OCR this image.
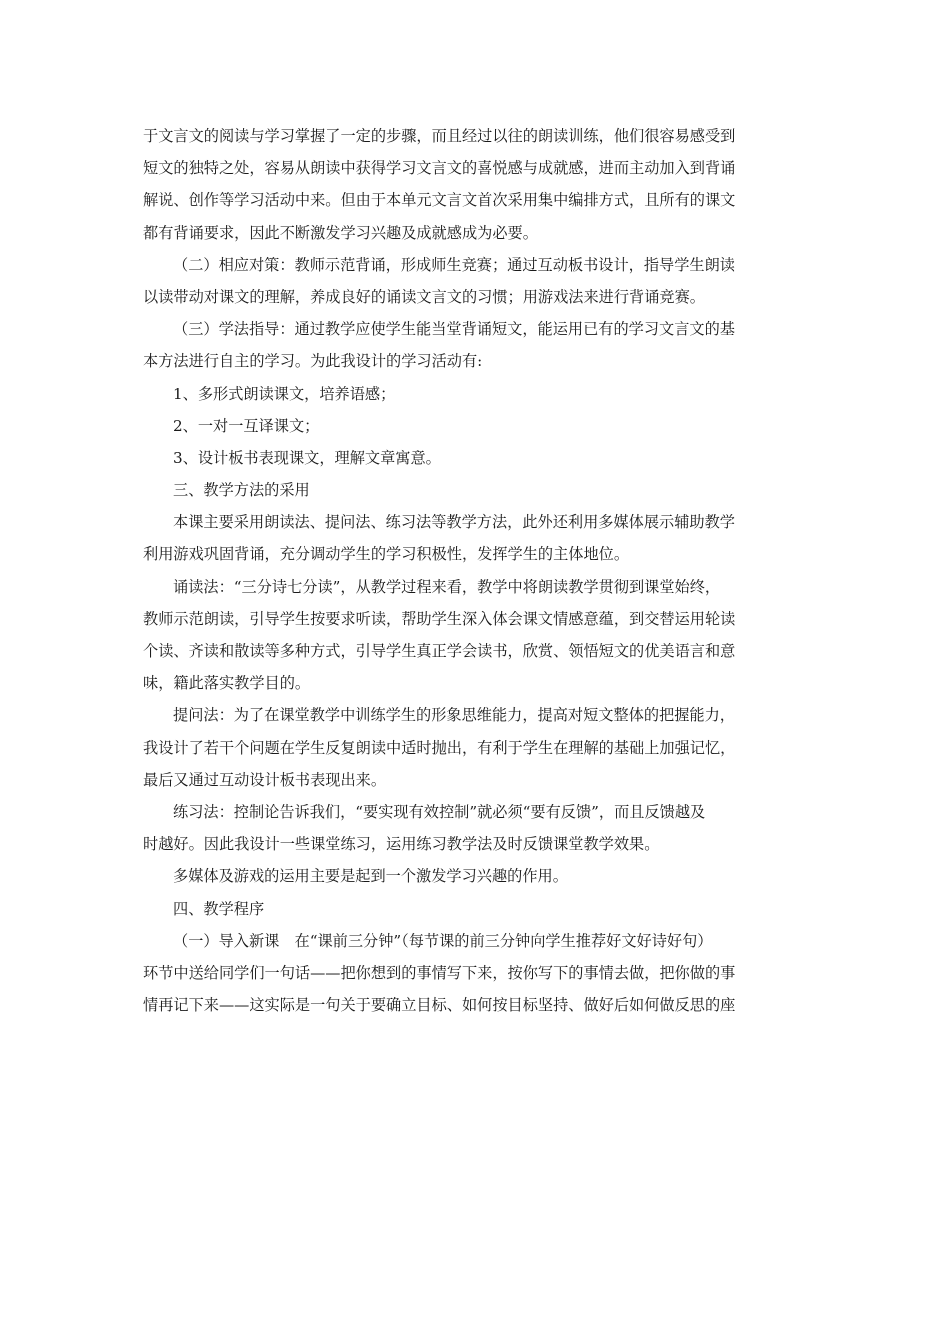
于文言文的阅读与学习掌握了一定的步骤，而且经过以往的朗读训练，他们很容易感受到
短文的独特之处，容易从朗读中获得学习文言文的喜悦感与成就感，进而主动加入到背诵
解说、创作等学习活动中来。但由于本单元文言文首次采用集中编排方式，且所有的课文
都有背诵要求，因此不断激发学习兴趣及成就感成为必要。
（二）相应对策：教师示范背诵，形成师生竞赛；通过互动板书设计，指导学生朗读
以读带动对课文的理解，养成良好的诵读文言文的习惯；用游戏法来进行背诵竞赛。
（三）学法指导：通过教学应使学生能当堂背诵短文，能运用已有的学习文言文的基
本方法进行自主的学习。为此我设计的学习活动有:
1、多形式朗读课文，培养语感；
2、一对一互译课文；
3、设计板书表现课文，理解文章寓意。
三、教学方法的采用
本课主要采用朗读法、提问法、练习法等教学方法，此外还利用多媒体展示辅助教学
利用游戏巩固背诵，充分调动学生的学习积极性，发挥学生的主体地位。
诵读法：“三分诗七分读”，从教学过程来看，教学中将朗读教学贯彻到课堂始终，
教师示范朗读，引导学生按要求听读，帮助学生深入体会课文情感意蕴，到交替运用轮读
个读、齐读和散读等多种方式，引导学生真正学会读书，欣赏、领悟短文的优美语言和意
味，籍此落实教学目的。
提问法：为了在课堂教学中训练学生的形象思维能力，提高对短文整体的把握能力，
我设计了若干个问题在学生反复朗读中适时抛出，有利于学生在理解的基础上加强记忆，
最后又通过互动设计板书表现出来。
练习法：控制论告诉我们，“要实现有效控制”就必须“要有反馈”，而且反馈越及
时越好。因此我设计一些课堂练习，运用练习教学法及时反馈课堂教学效果。
多媒体及游戏的运用主要是起到一个激发学习兴趣的作用。
四、教学程序
（一）导入新课　在“课前三分钟”（每节课的前三分钟向学生推荐好文好诗好句）
环节中送给同学们一句话——把你想到的事情写下来，按你写下的事情去做，把你做的事
情再记下来——这实际是一句关于要确立目标、如何按目标坚持、做好后如何做反思的座
